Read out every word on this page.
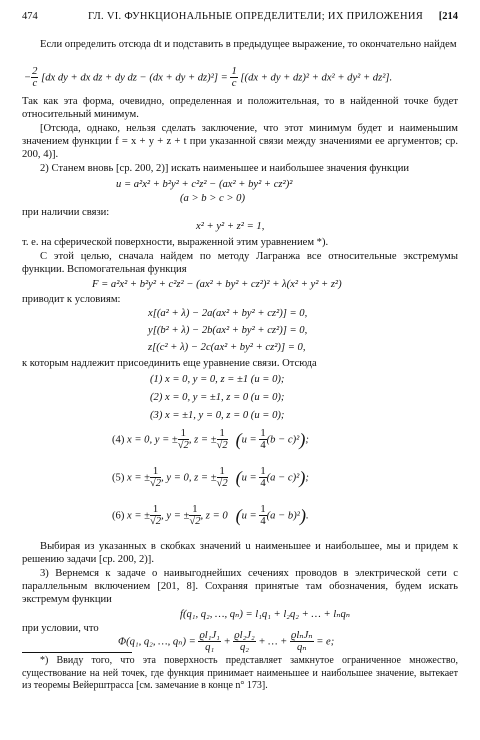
474	ГЛ. VI. ФУНКЦИОНАЛЬНЫЕ ОПРЕДЕЛИТЕЛИ; ИХ ПРИЛОЖЕНИЯ [214

Если определить отсюда dt и подставить в предыдущее выражение, то окончательно найдем

− $\frac{2}{c} [dx$ dy + dx dz + dy dz − (dx + dy + $dz)^2] = \frac{1}{c} [(dx$ + dy + dz)² + dx² + dy² + dz²].

Так как эта форма, очевидно, определенная и положительная, то в найденной точке будет относительный минимум.

[Отсюда, однако, нельзя сделать заключение, что этот минимум будет и наименьшим значением функции f = x + y + z + t при указанной связи между значениями ее аргументов; ср. 200, 4)].

2) Станем вновь [ср. 200, 2)] искать наименьшее и наибольшее значения функции

u = a²x² + b²y² + c²z² − (ax² + by² + cz²)²
(a > b > c > 0)

при наличии связи:

x² + y² + z² = 1,

т. е. на сферической поверхности, выраженной этим уравнением *).

С этой целью, сначала найдем по методу Лагранжа все относительные экстремумы функции. Вспомогательная функция

F = a²x² + b²y² + c²z² − (ax² + by² + cz²)² + λ(x² + y² + z²)

приводит к условиям:

x[(a² + λ) − 2a(ax² + by² + cz²)] = 0,
y[(b² + λ) − 2b(ax² + by² + cz²)] = 0,
z[(c² + λ) − 2c(ax² + by² + cz²)] = 0,

к которым надлежит присоединить еще уравнение связи. Отсюда

(1) x = 0, y = 0, z = ±1 (u = 0);
(2) x = 0, y = ±1, z = 0 (u = 0);
(3) x = ±1, y = 0, z = 0 (u = 0);
(4) x = 0, y = ± $\frac{1}{√2}$ , z = ± $\frac{1}{√2} (u = \frac{1}{4} (b - c)^2)$;
(5) x = ± $\frac{1}{√2}$ , y = 0, z = ± $\frac{1}{√2} (u = \frac{1}{4} (a - c)^2)$;
(6) x = ± $\frac{1}{√2}$ , y = ± $\frac{1}{√2}$ , z = 0   $(u = \frac{1}{4} (a - b)^2)$.

Выбирая из указанных в скобках значений u наименьшее и наибольшее, мы и придем к решению задачи [ср. 200, 2)].

3) Вернемся к задаче о наивыгоднейших сечениях проводов в электрической сети с параллельным включением [201, 8]. Сохраняя принятые там обозначения, будем искать экстремум функции

f(q₁, q₂, …, qₙ) = l₁q₁ + l₂q₂ + … + lₙqₙ

при условии, что

Φ(q₁, q₂, …, $q_n) = \frac{\text{ϱl₁J₁}}{\text{q₁}} + \frac{\text{ϱl₂J₂}}{\text{q₂}}$ + … + $\frac{\text{ϱlₙJₙ}}{\text{qₙ}} = e$;

*) Ввиду того, что эта поверхность представляет замкнутое ограниченное множество, существование на ней точек, где функция принимает наименьшее и наибольшее значение, вытекает из теоремы Вейерштрасса [см. замечание в конце n° 173].
